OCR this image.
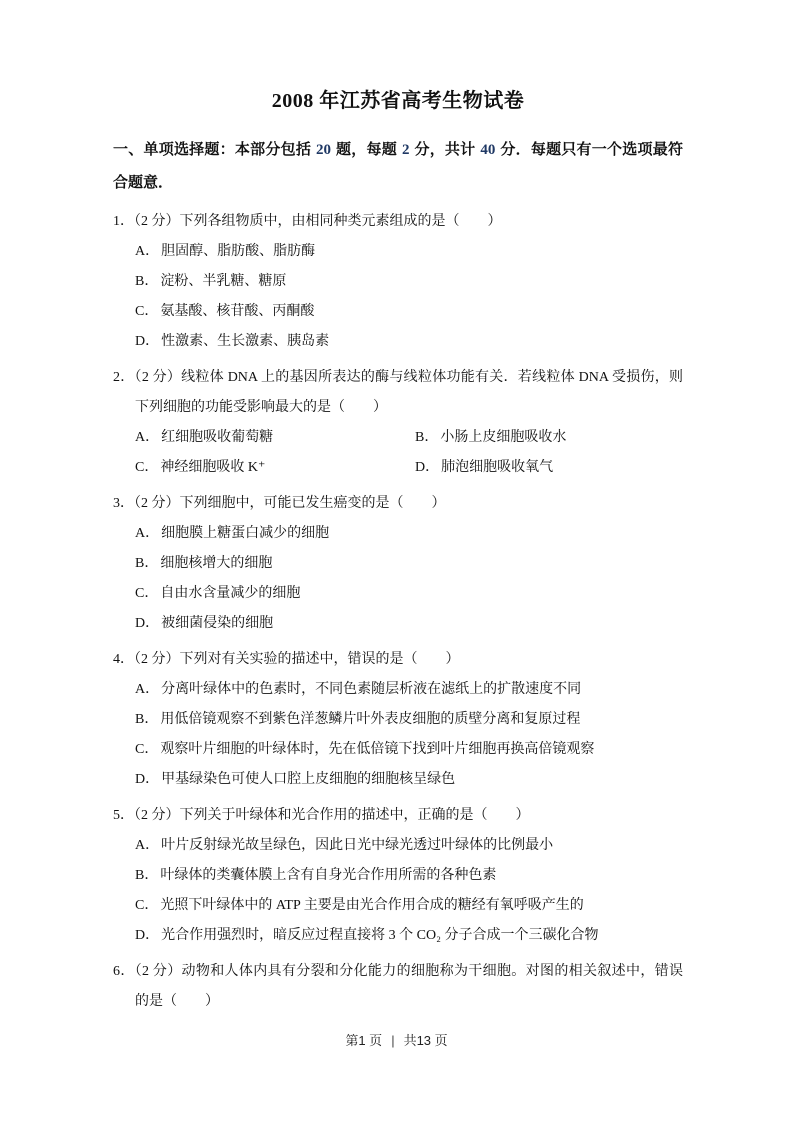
2008 年江苏省高考生物试卷

一、单项选择题：本部分包括 20 题，每题 2 分，共计 40 分．每题只有一个选项最符合题意．

1．（2 分）下列各组物质中，由相同种类元素组成的是（　　）

A． 胆固醇、脂肪酸、脂肪酶
B． 淀粉、半乳糖、糖原
C． 氨基酸、核苷酸、丙酮酸
D． 性激素、生长激素、胰岛素

2．（2 分）线粒体 DNA 上的基因所表达的酶与线粒体功能有关．若线粒体 DNA 受损伤，则下列细胞的功能受影响最大的是（　　）

A． 红细胞吸收葡萄糖	B． 小肠上皮细胞吸收水
C． 神经细胞吸收 K⁺	D． 肺泡细胞吸收氧气

3．（2 分）下列细胞中，可能已发生癌变的是（　　）

A． 细胞膜上糖蛋白减少的细胞
B． 细胞核增大的细胞
C． 自由水含量减少的细胞
D． 被细菌侵染的细胞

4．（2 分）下列对有关实验的描述中，错误的是（　　）

A． 分离叶绿体中的色素时，不同色素随层析液在滤纸上的扩散速度不同
B． 用低倍镜观察不到紫色洋葱鳞片叶外表皮细胞的质壁分离和复原过程
C． 观察叶片细胞的叶绿体时，先在低倍镜下找到叶片细胞再换高倍镜观察
D． 甲基绿染色可使人口腔上皮细胞的细胞核呈绿色

5．（2 分）下列关于叶绿体和光合作用的描述中，正确的是（　　）

A． 叶片反射绿光故呈绿色，因此日光中绿光透过叶绿体的比例最小
B． 叶绿体的类囊体膜上含有自身光合作用所需的各种色素
C． 光照下叶绿体中的 ATP 主要是由光合作用合成的糖经有氧呼吸产生的
D． 光合作用强烈时，暗反应过程直接将 3 个 CO₂ 分子合成一个三碳化合物

6．（2 分）动物和人体内具有分裂和分化能力的细胞称为干细胞。对图的相关叙述中，错误的是（　　）

第1 页 | 共13 页
